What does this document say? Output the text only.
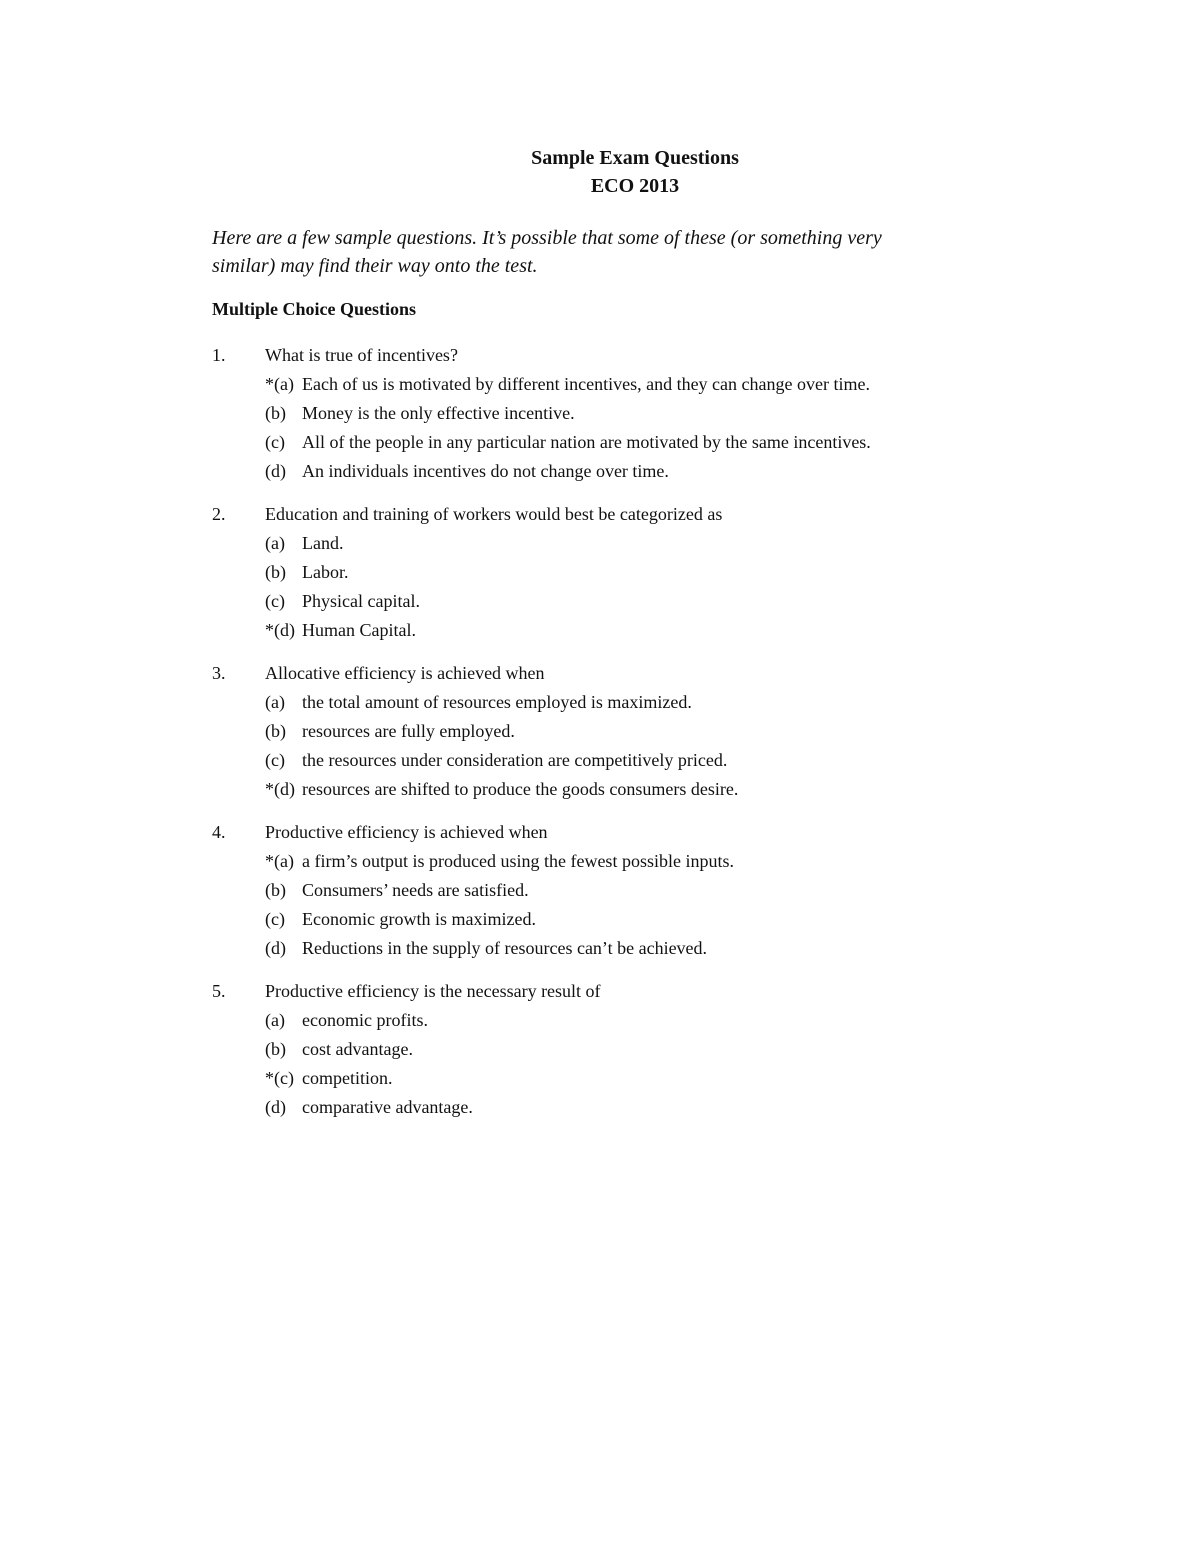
Sample Exam Questions
ECO 2013
Here are a few sample questions. It’s possible that some of these (or something very
similar) may find their way onto the test.
Multiple Choice Questions
1. What is true of incentives?
*(a) Each of us is motivated by different incentives, and they can change over time.
(b) Money is the only effective incentive.
(c) All of the people in any particular nation are motivated by the same incentives.
(d) An individuals incentives do not change over time.
2. Education and training of workers would best be categorized as
(a) Land.
(b) Labor.
(c) Physical capital.
*(d) Human Capital.
3. Allocative efficiency is achieved when
(a) the total amount of resources employed is maximized.
(b) resources are fully employed.
(c) the resources under consideration are competitively priced.
*(d) resources are shifted to produce the goods consumers desire.
4. Productive efficiency is achieved when
*(a) a firm’s output is produced using the fewest possible inputs.
(b) Consumers’ needs are satisfied.
(c) Economic growth is maximized.
(d) Reductions in the supply of resources can’t be achieved.
5. Productive efficiency is the necessary result of
(a) economic profits.
(b) cost advantage.
*(c) competition.
(d) comparative advantage.
